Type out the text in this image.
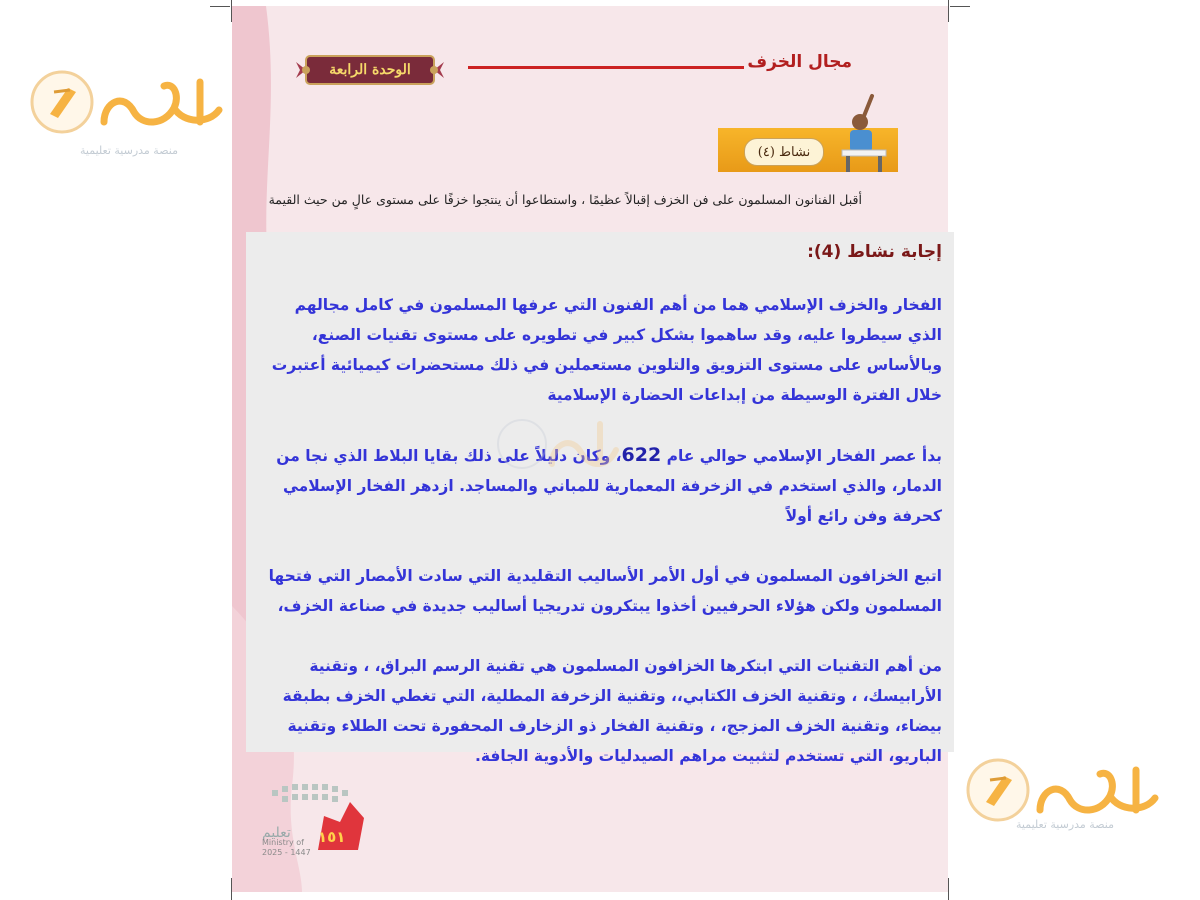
منصة مدرسية تعليمية
منصة مدرسية تعليمية
الوحدة الرابعة	مجال الخزف
نشاط (٤)
أقبل الفنانون المسلمون على فن الخزف إقبالاً عظيمًا ، واستطاعوا أن ينتجوا خزفًا على مستوى عالٍ من حيث القيمة
تعليم
Ministry of
2025 - 1447
١٥١
إجابة نشاط (4):

الفخار والخزف الإسلامي هما من أهم الفنون التي عرفها المسلمون في كامل مجالهم الذي سيطروا عليه، وقد ساهموا بشكل كبير في تطويره على مستوى تقنيات الصنع، وبالأساس على مستوى التزويق والتلوين مستعملين في ذلك مستحضرات كيميائية أعتبرت خلال الفترة الوسيطة من إبداعات الحضارة الإسلامية

بدأ عصر الفخار الإسلامي حوالي عام 622، وكان دليلاً على ذلك بقايا البلاط الذي نجا من الدمار، والذي استخدم في الزخرفة المعمارية للمباني والمساجد. ازدهر الفخار الإسلامي كحرفة وفن رائع أولاً

اتبع الخزافون المسلمون في أول الأمر الأساليب التقليدية التي سادت الأمصار التي فتحها المسلمون ولكن هؤلاء الحرفيين أخذوا يبتكرون تدريجيا أساليب جديدة في صناعة الخزف،

من أهم التقنيات التي ابتكرها الخزافون المسلمون هي تقنية الرسم البراق، ، وتقنية الأرابيسك، ، وتقنية الخزف الكتابي،، وتقنية الزخرفة المطلية، التي تغطي الخزف بطبقة بيضاء، وتقنية الخزف المزجج، ، وتقنية الفخار ذو الزخارف المحفورة تحت الطلاء وتقنية الباريو، التي تستخدم لتثبيت مراهم الصيدليات والأدوية الجافة.
